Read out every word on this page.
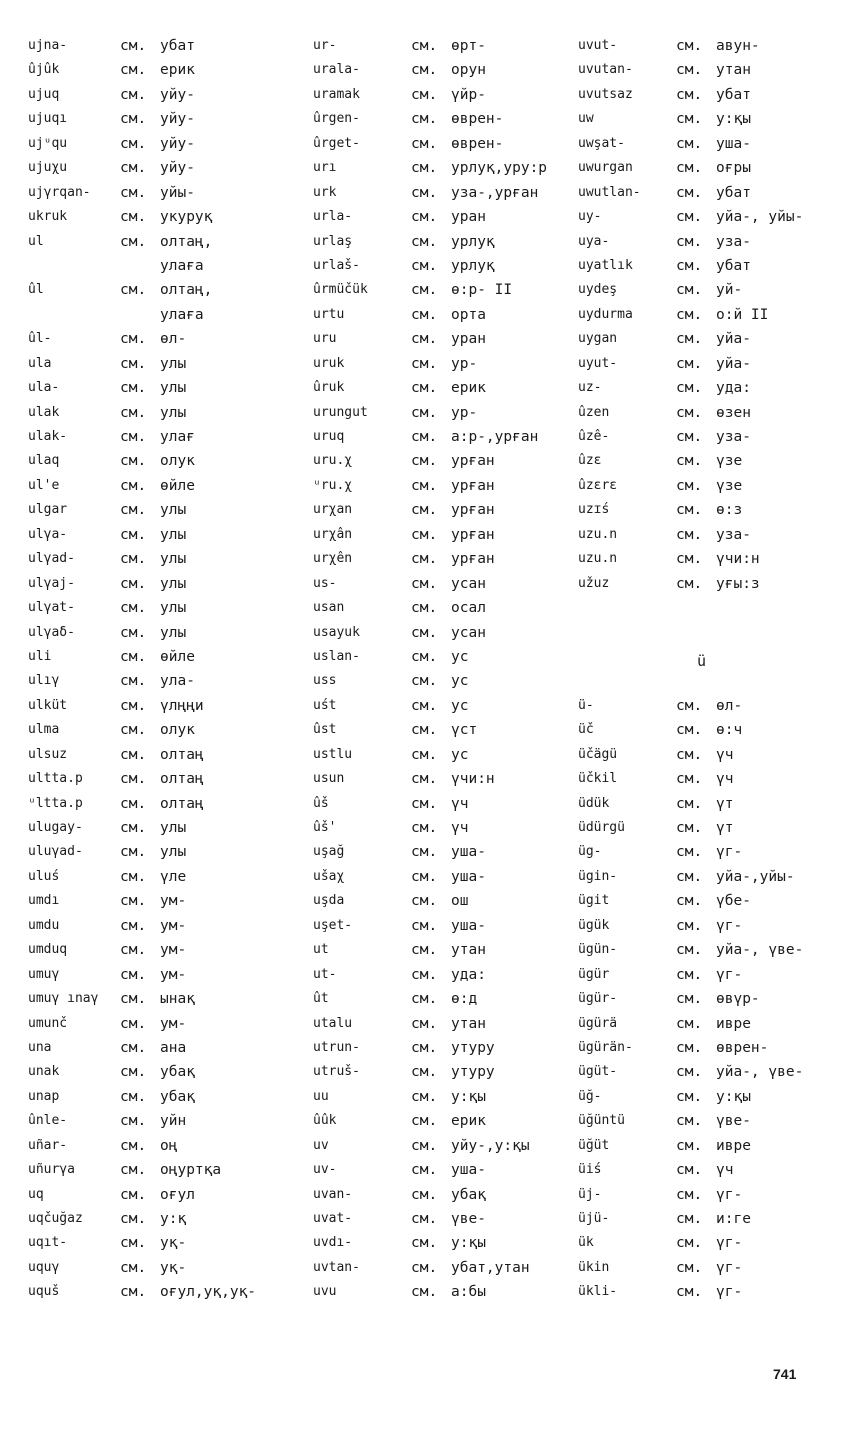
ujna-	см. убат
ûjûk	см. ерик
ujuq	см. уйу-
ujuqı	см. уйу-
ujᵘqu	см. уйу-
ujuχu	см. уйу-
ujγrqan- см. уйы-
ukruk	см. укуруқ
ul	см. олтаң,
улаға
ûl	см. олтаң,
улаға
ûl-	см. өл-
ula	см. улы
ula-	см. улы
ulak	см. улы
ulak-	см. улағ
ulaq	см. олук
ul'e	см. өйле
ulgar	см. улы
ulγa-	см. улы
ulγad-	см. улы
ulγaj-	см. улы
ulγat-	см. улы
ulγaδ-	см. улы
uli	см. өйле
ulıγ	см. ула-
ulküt	см. үлңңи
ulma	см. олук
ulsuz	см. олтаң
ultta.p	см. олтаң
ᵘltta.p	см. олтаң
ulugay-	см. улы
uluγad-	см. улы
uluś	см. үле
umdı	см. ум-
umdu	см. ум-
umduq	см. ум-
umuγ	см. ум-
umuγ ınaγ см. ынақ
umunč	см. ум-
una	см. ана
unak	см. убақ
unap	см. убақ
ûnle-	см. уйн
uñar-	см. оң
uñurγa	см. оңуртқа
uq	см. оғул
uqčuğaz	см. у:қ
uqıt-	см. уқ-
uquγ	см. уқ-
uquš	см. оғул,уқ,уқ-
ur-	см. өрт-
urala-	см. орун
uramak	см. үйр-
ûrgen-	см. өврен-
ûrget-	см. өврен-
urı	см. урлуқ,уру:р
urk	см. уза-,урған
urla-	см. уран
urlaş	см. урлуқ
urlaš-	см. урлуқ
ûrmüčük	см. ө:р- II
urtu	см. орта
uru	см. уран
uruk	см. ур-
ûruk	см. ерик
urungut	см. ур-
uruq	см. а:р-,урған
uru.χ	см. урған
ᵘru.χ	см. урған
urχan	см. урған
urχân	см. урған
urχên	см. урған
us-	см. усан
usan	см. осал
usayuk	см. усан
uslan-	см. ус
uss	см. ус
uśt	см. ус
ûst	см. үст
ustlu	см. ус
usun	см. үчи:н
ûš	см. үч
ûš'	см. үч
uşağ	см. уша-
ušaχ	см. уша-
uşda	см. ош
uşet-	см. уша-
ut	см. утан
ut-	см. уда:
ût	см. ө:д
utalu	см. утан
utrun-	см. утуру
utruš-	см. утуру
uu	см. у:қы
ûûk	см. ерик
uv	см. уйу-,у:қы
uv-	см. уша-
uvan-	см. убақ
uvat-	см. үве-
uvdı-	см. у:қы
uvtan-	см. убат,утан
uvu	см. а:бы
uvut-	см. авун-
uvutan-	см. утан
uvutsaz	см. убат
uw	см. у:қы
uwşat-	см. уша-
uwurgan	см. оғры
uwutlan- см. убат
uy-	см. уйа-, уйы-
uya-	см. уза-
uyatlık	см. убат
uydeş	см. уй-
uydurma	см. о:й II
uygan	см. уйа-
uyut-	см. уйа-
uz-	см. уда:
ûzen	см. өзен
ûzê-	см. уза-
ûzɛ	см. үзе
ûzɛrɛ	см. үзе
uzɪś	см. ө:з
uzu.n	см. уза-
uzu.n	см. үчи:н
užuz	см. уғы:з
ü-	см. өл-
üč	см. ө:ч
üčägü	см. үч
üčkil	см. үч
üdük	см. үт
üdürgü	см. үт
üg-	см. үг-
ügin-	см. уйа-,уйы-
ügit	см. үбе-
ügük	см. үг-
ügün-	см. уйа-, үве-
ügür	см. үг-
ügür-	см. өвүр-
ügürä	см. иврe
ügürän-	см. өврен-
ügüt-	см. уйа-, үве-
üğ-	см. у:қы
üğüntü	см. үве-
üğüt	см. иврe
üiś	см. үч
üj-	см. үг-
üjü-	см. и:ге
ük	см. үг-
ükin	см. үг-
ükli-	см. үг-
ü
741
